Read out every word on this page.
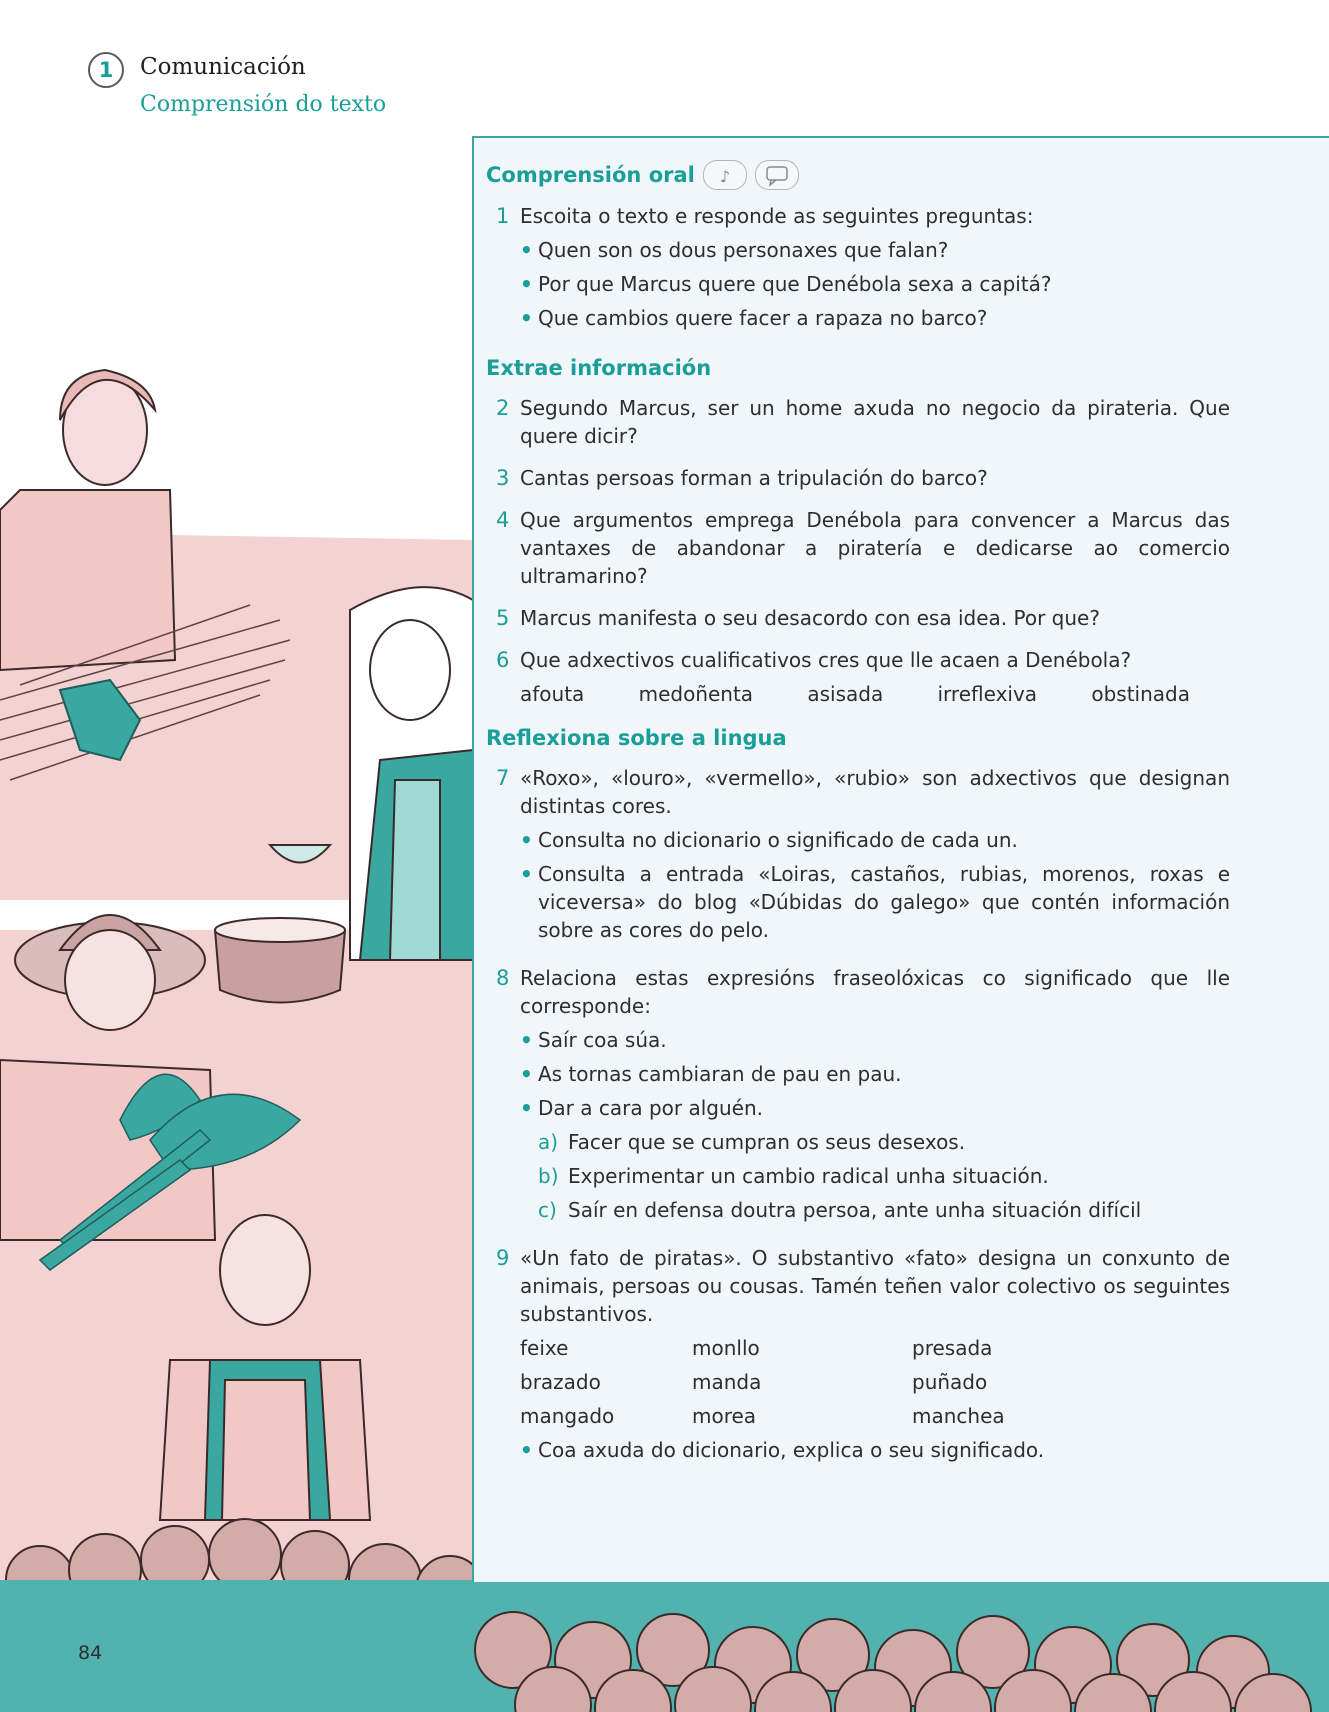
1	Comunicación
Comprensión do texto
84
Comprensión oral ♪
1 Escoita o texto e responde as seguintes preguntas:
• Quen son os dous personaxes que falan?
• Por que Marcus quere que Denébola sexa a capitá?
• Que cambios quere facer a rapaza no barco?
Extrae información
2 Segundo Marcus, ser un home axuda no negocio da pirateria. Que quere dicir?
3 Cantas persoas forman a tripulación do barco?
4 Que argumentos emprega Denébola para convencer a Marcus das vantaxes de abandonar a piratería e dedicarse ao comercio ultramarino?
5 Marcus manifesta o seu desacordo con esa idea. Por que?
6 Que adxectivos cualificativos cres que lle acaen a Denébola?
afouta	medoñenta	asisada	irreflexiva	obstinada
Reflexiona sobre a lingua
7 «Roxo», «louro», «vermello», «rubio» son adxectivos que designan distintas cores.
• Consulta no dicionario o significado de cada un.
• Consulta a entrada «Loiras, castaños, rubias, morenos, roxas e viceversa» do blog «Dúbidas do galego» que contén información sobre as cores do pelo.
8 Relaciona estas expresións fraseolóxicas co significado que lle corresponde:
• Saír coa súa.
• As tornas cambiaran de pau en pau.
• Dar a cara por alguén.
a) Facer que se cumpran os seus desexos.
b) Experimentar un cambio radical unha situación.
c) Saír en defensa doutra persoa, ante unha situación difícil
9 «Un fato de piratas». O substantivo «fato» designa un conxunto de animais, persoas ou cousas. Tamén teñen valor colectivo os seguintes substantivos.
feixe	monllo	presada
brazado	manda	puñado
mangado	morea	manchea
• Coa axuda do dicionario, explica o seu significado.
